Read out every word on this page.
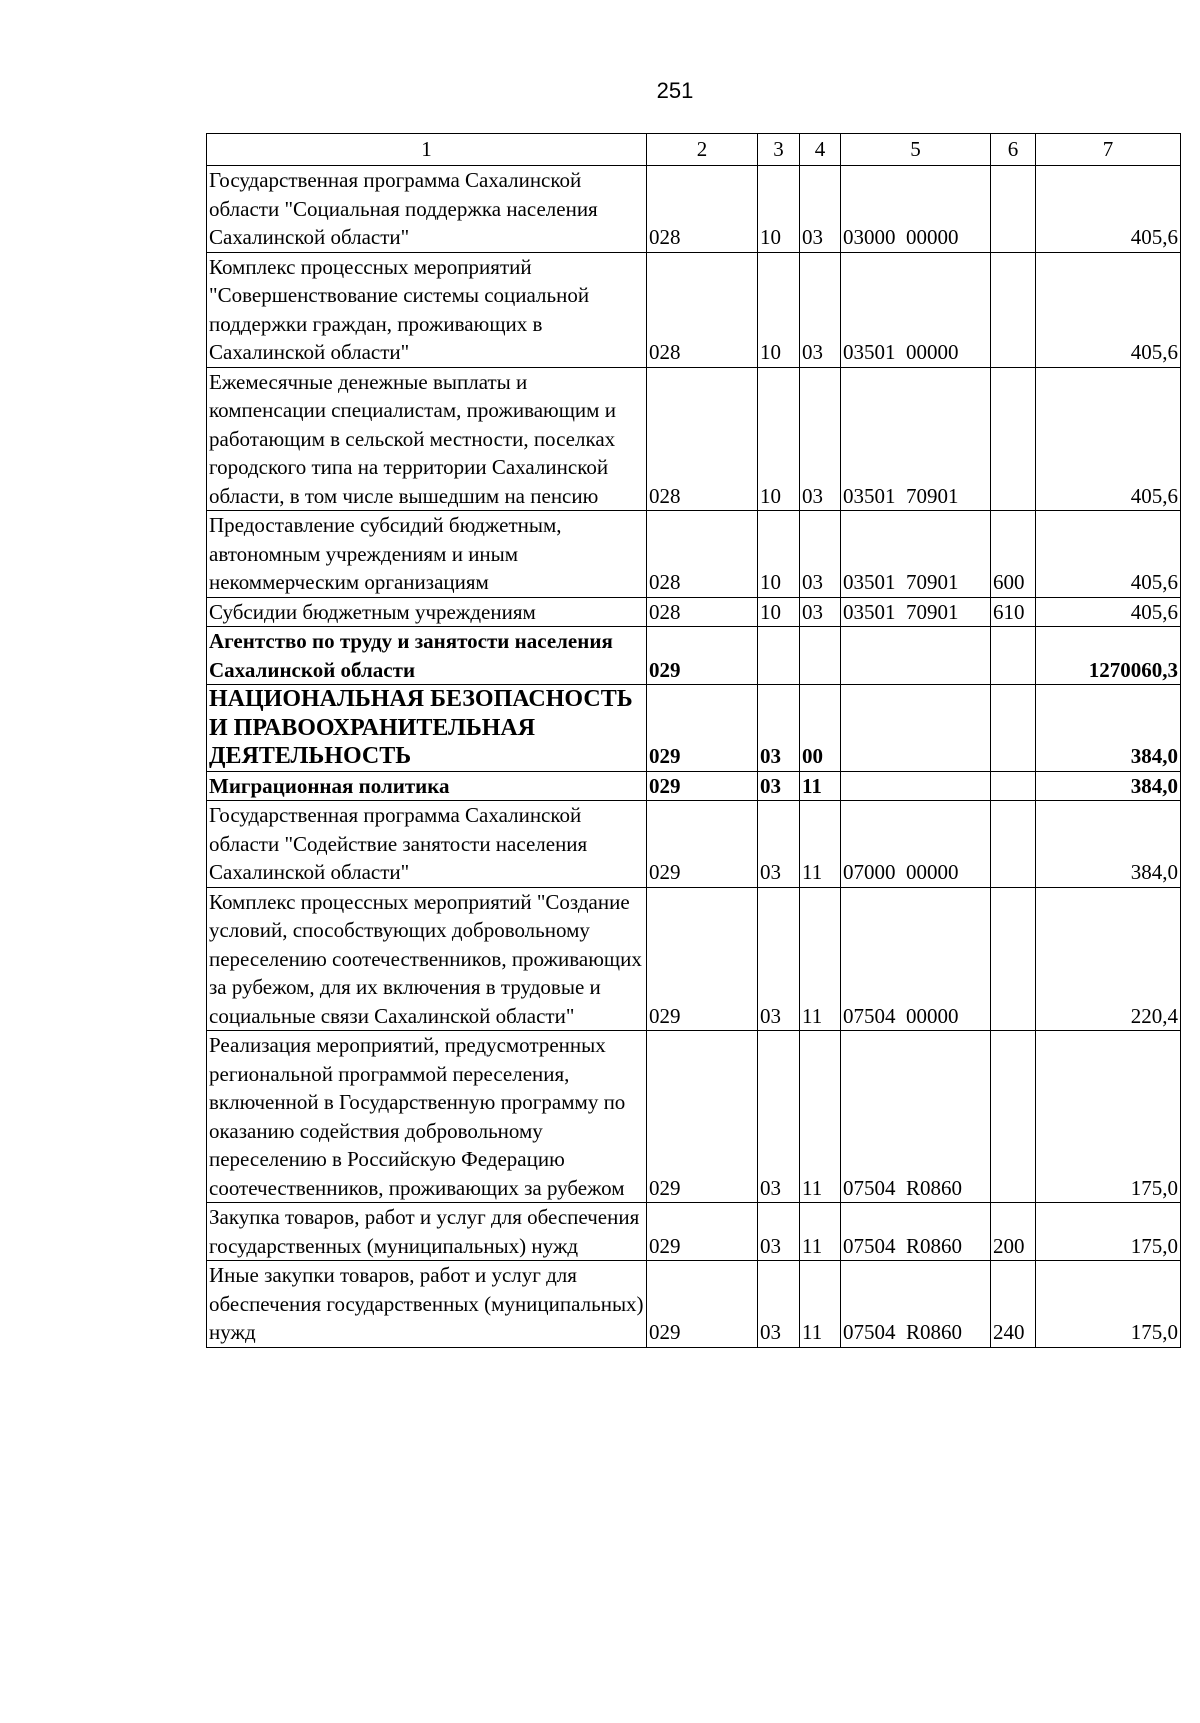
251
1	2	3	4	5	6	7
Государственная программа Сахалинской области "Социальная поддержка населения Сахалинской области"	028	10	03	03000  00000		405,6
Комплекс процессных мероприятий "Совершенствование системы социальной поддержки граждан, проживающих в Сахалинской области"	028	10	03	03501  00000		405,6
Ежемесячные денежные выплаты и компенсации специалистам, проживающим и работающим в сельской местности, поселках городского типа на территории Сахалинской области, в том числе вышедшим на пенсию	028	10	03	03501  70901		405,6
Предоставление субсидий бюджетным, автономным учреждениям и иным некоммерческим организациям	028	10	03	03501  70901	600	405,6
Субсидии бюджетным учреждениям	028	10	03	03501  70901	610	405,6
Агентство по труду и занятости населения Сахалинской области	029					1270060,3
НАЦИОНАЛЬНАЯ БЕЗОПАСНОСТЬ И ПРАВООХРАНИТЕЛЬНАЯ ДЕЯТЕЛЬНОСТЬ	029	03	00			384,0
Миграционная политика	029	03	11			384,0
Государственная программа Сахалинской области "Содействие занятости населения Сахалинской области"	029	03	11	07000  00000		384,0
Комплекс процессных мероприятий "Создание условий, способствующих добровольному переселению соотечественников, проживающих за рубежом, для их включения в трудовые и социальные связи Сахалинской области"	029	03	11	07504  00000		220,4
Реализация мероприятий, предусмотренных региональной программой переселения, включенной в Государственную программу по оказанию содействия добровольному переселению в Российскую Федерацию соотечественников, проживающих за рубежом	029	03	11	07504  R0860		175,0
Закупка товаров, работ и услуг для обеспечения государственных (муниципальных) нужд	029	03	11	07504  R0860	200	175,0
Иные закупки товаров, работ и услуг для обеспечения государственных (муниципальных) нужд	029	03	11	07504  R0860	240	175,0
